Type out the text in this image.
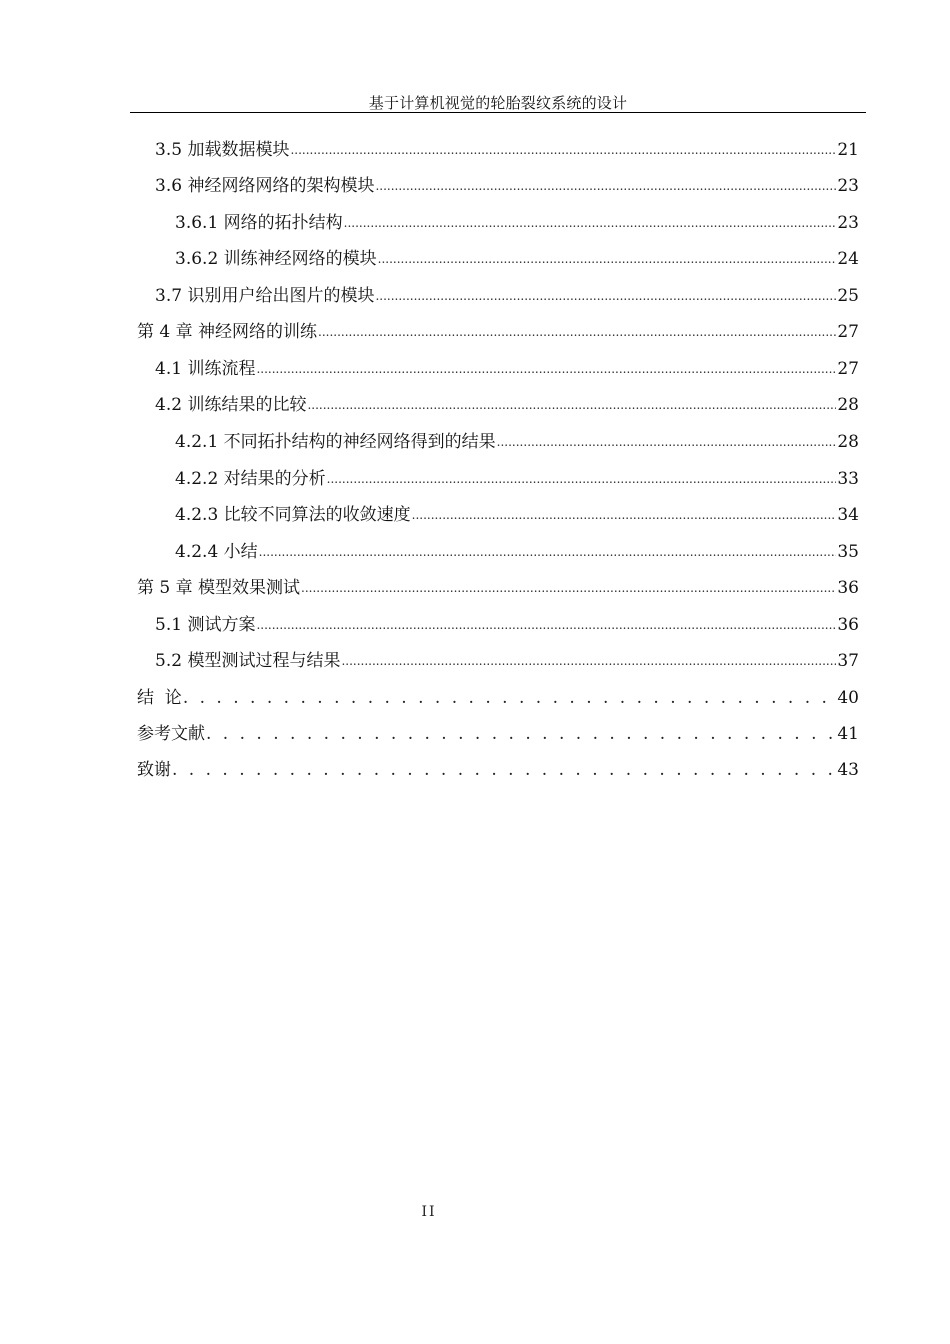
基于计算机视觉的轮胎裂纹系统的设计
3.5 加载数据模块 .....	21
3.6 神经网络网络的架构模块 .....	23
3.6.1 网络的拓扑结构 .....	23
3.6.2 训练神经网络的模块 .....	24
3.7 识别用户给出图片的模块 .....	25
第 4 章 神经网络的训练 .....	27
4.1 训练流程 .....	27
4.2 训练结果的比较 .....	28
4.2.1 不同拓扑结构的神经网络得到的结果 .....	28
4.2.2 对结果的分析 .....	33
4.2.3 比较不同算法的收敛速度 .....	34
4.2.4 小结 .....	35
第 5 章 模型效果测试 .....	36
5.1 测试方案 .....	36
5.2 模型测试过程与结果 .....	37
结  论 . . .	40
参考文献 . . .	41
致谢 . . .	43
II
